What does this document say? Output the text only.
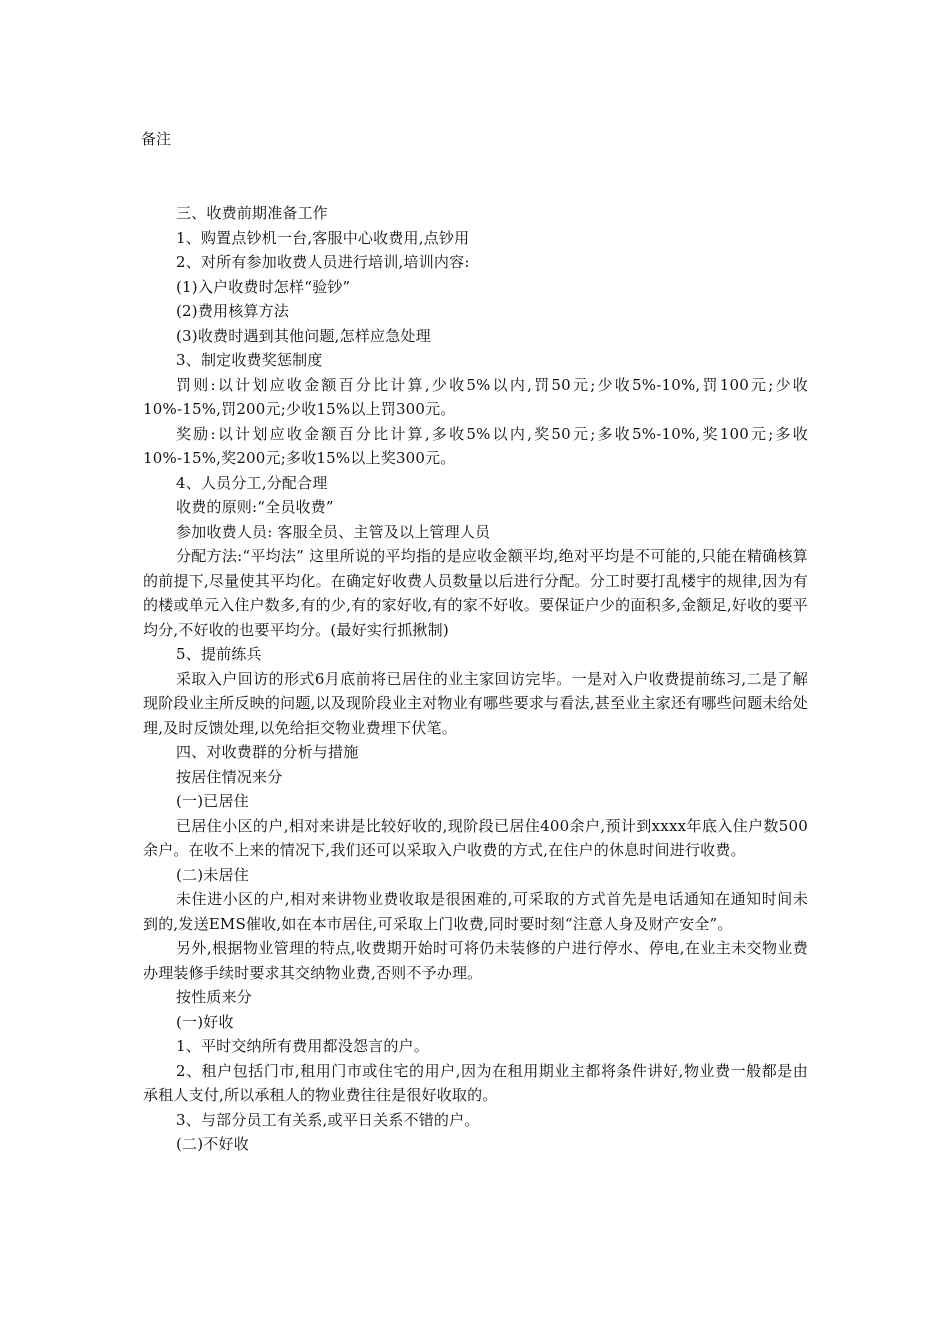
备注

三、收费前期准备工作

1、购置点钞机一台,客服中心收费用,点钞用

2、对所有参加收费人员进行培训,培训内容:

(1)入户收费时怎样“验钞”

(2)费用核算方法

(3)收费时遇到其他问题,怎样应急处理

3、制定收费奖惩制度

罚则:以计划应收金额百分比计算,少收5%以内,罚50元;少收5%-10%,罚100元;少收10%-15%,罚200元;少收15%以上罚300元。

奖励:以计划应收金额百分比计算,多收5%以内,奖50元;多收5%-10%,奖100元;多收10%-15%,奖200元;多收15%以上奖300元。

4、人员分工,分配合理

收费的原则:“全员收费”

参加收费人员: 客服全员、主管及以上管理人员

分配方法:“平均法” 这里所说的平均指的是应收金额平均,绝对平均是不可能的,只能在精确核算的前提下,尽量使其平均化。在确定好收费人员数量以后进行分配。分工时要打乱楼宇的规律,因为有的楼或单元入住户数多,有的少,有的家好收,有的家不好收。要保证户少的面积多,金额足,好收的要平均分,不好收的也要平均分。(最好实行抓揪制)

5、提前练兵

采取入户回访的形式6月底前将已居住的业主家回访完毕。一是对入户收费提前练习,二是了解现阶段业主所反映的问题,以及现阶段业主对物业有哪些要求与看法,甚至业主家还有哪些问题未给处理,及时反馈处理,以免给拒交物业费埋下伏笔。

四、对收费群的分析与措施

按居住情况来分

(一)已居住

已居住小区的户,相对来讲是比较好收的,现阶段已居住400余户,预计到xxxx年底入住户数500余户。在收不上来的情况下,我们还可以采取入户收费的方式,在住户的休息时间进行收费。

(二)未居住

未住进小区的户,相对来讲物业费收取是很困难的,可采取的方式首先是电话通知在通知时间未到的,发送EMS催收,如在本市居住,可采取上门收费,同时要时刻“注意人身及财产安全”。

另外,根据物业管理的特点,收费期开始时可将仍未装修的户进行停水、停电,在业主未交物业费办理装修手续时要求其交纳物业费,否则不予办理。

按性质来分

(一)好收

1、平时交纳所有费用都没怨言的户。

2、租户包括门市,租用门市或住宅的用户,因为在租用期业主都将条件讲好,物业费一般都是由承租人支付,所以承租人的物业费往往是很好收取的。

3、与部分员工有关系,或平日关系不错的户。

(二)不好收
